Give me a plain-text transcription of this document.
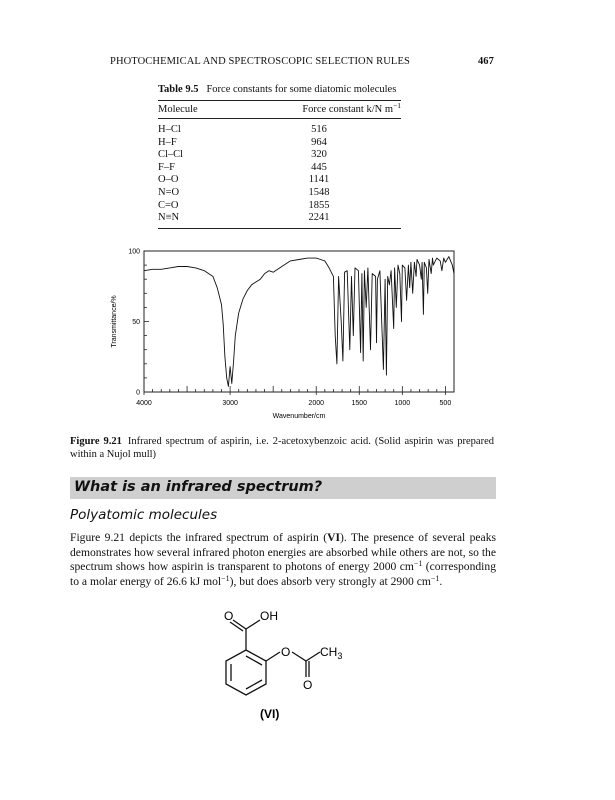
PHOTOCHEMICAL AND SPECTROSCOPIC SELECTION RULES	467
Table 9.5 Force constants for some diatomic molecules
Molecule	Force constant k/N $m^{-1}$
H–Cl	516
H–F	964
Cl–Cl	320
F–F	445
O–O	1141
N=O	1548
C=O	1855
N≡N	2241
4000	3000	2000	1500	1000	500
0
50
100
Wavenumber/cm
Transmittance/%
Figure 9.21 Infrared spectrum of aspirin, i.e. 2-acetoxybenzoic acid. (Solid aspirin was prepared within a Nujol mull)
What is an infrared spectrum?
Polyatomic molecules
Figure 9.21 depicts the infrared spectrum of aspirin (VI). The presence of several peaks demonstrates how several infrared photon energies are absorbed while others are not, so the spectrum shows how aspirin is transparent to photons of energy 2000 $cm^{-1}$ (corresponding to a molar energy of 26.6 kJ mol$^{-1}$), but does absorb very strongly at 2900 $cm^{-1}$.
O OH
O $CH_3$
O
(VI)
